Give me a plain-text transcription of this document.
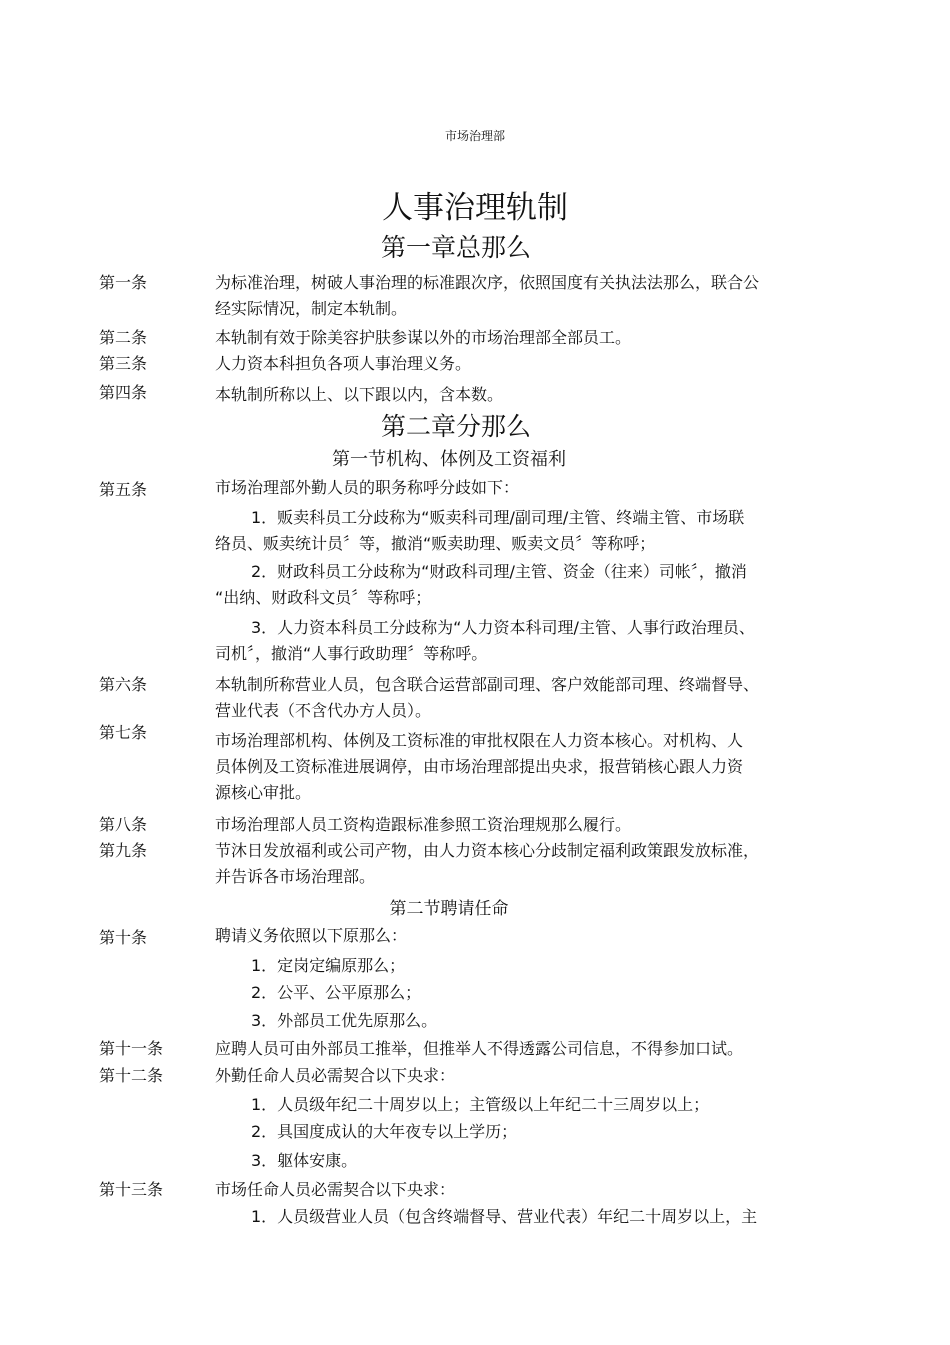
市场治理部
人事治理轨制
第一章总那么
第一条	为标准治理，树破人事治理的标准跟次序，依照国度有关执法法那么，联合公
经实际情况，制定本轨制。
第二条	本轨制有效于除美容护肤参谋以外的市场治理部全部员工。
第三条	人力资本科担负各项人事治理义务。
第四条	本轨制所称以上、以下跟以内，含本数。
第二章分那么
第一节机构、体例及工资福利
第五条	市场治理部外勤人员的职务称呼分歧如下：
1．贩卖科员工分歧称为“贩卖科司理/副司理/主管、终端主管、市场联
络员、贩卖统计员〞等，撤消“贩卖助理、贩卖文员〞等称呼；
2．财政科员工分歧称为“财政科司理/主管、资金（往来）司帐〞，撤消
“出纳、财政科文员〞等称呼；
3．人力资本科员工分歧称为“人力资本科司理/主管、人事行政治理员、
司机〞，撤消“人事行政助理〞等称呼。
第六条	本轨制所称营业人员，包含联合运营部副司理、客户效能部司理、终端督导、
营业代表（不含代办方人员）。
第七条	市场治理部机构、体例及工资标准的审批权限在人力资本核心。对机构、人
员体例及工资标准进展调停，由市场治理部提出央求，报营销核心跟人力资
源核心审批。
第八条	市场治理部人员工资构造跟标准参照工资治理规那么履行。
第九条	节沐日发放福利或公司产物，由人力资本核心分歧制定福利政策跟发放标准，
并告诉各市场治理部。
第二节聘请任命
第十条	聘请义务依照以下原那么：
1．定岗定编原那么；
2．公平、公平原那么；
3．外部员工优先原那么。
第十一条	应聘人员可由外部员工推举，但推举人不得透露公司信息，不得参加口试。
第十二条	外勤任命人员必需契合以下央求：
1．人员级年纪二十周岁以上；主管级以上年纪二十三周岁以上；
2．具国度成认的大年夜专以上学历；
3．躯体安康。
第十三条	市场任命人员必需契合以下央求：
1．人员级营业人员（包含终端督导、营业代表）年纪二十周岁以上，主
